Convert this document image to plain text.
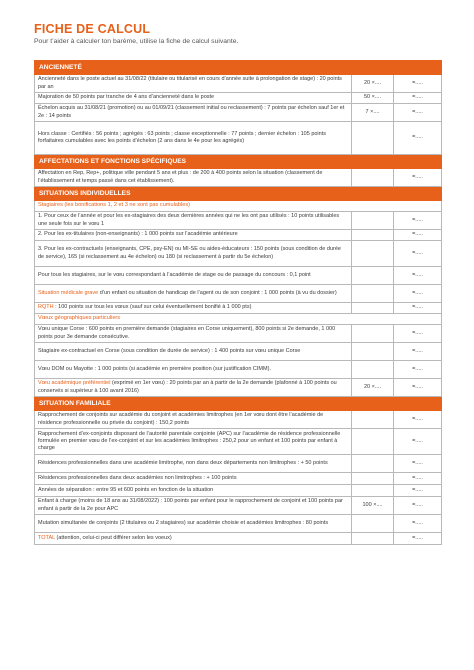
FICHE DE CALCUL
Pour t’aider à calculer ton barème, utilise la fiche de calcul suivante.
ANCIENNETÉ		
Ancienneté dans le poste actuel au 31/08/22 (titulaire ou titularisé en cours d’année suite à prolongation de stage) : 20 points par an	20 ×....	=.....
Majoration de 50 points par tranche de 4 ans d’ancienneté dans le poste	50 ×....	=.....
Échelon acquis au 31/08/21 (promotion) ou au 01/09/21 (classement initial ou reclassement) : 7 points par échelon sauf 1er et 2e : 14 points	7 ×....	=.....
Hors classe : Certifiés : 56 points ; agrégés : 63 points ; classe exceptionnelle : 77 points ; dernier échelon : 105 points forfaitaires cumulables avec les points d’échelon (2 ans dans le 4e pour les agrégés)		=.....
AFFECTATIONS ET FONCTIONS SPÉCIFIQUES		
Affectation en Rep, Rep+, politique ville pendant 5 ans et plus : de 200 à 400 points selon la situation (classement de l’établissement et temps passé dans cet établissement).		=.....
SITUATIONS INDIVIDUELLES		
Stagiaires (les bonifications 1, 2 et 3 ne sont pas cumulables)		
1. Pour ceux de l’année et pour les ex-stagiaires des deux dernières années qui ne les ont pas utilisés : 10 points utilisables une seule fois sur le vœu 1		=.....
2. Pour les ex-titulaires (non-enseignants) : 1 000 points sur l’académie antérieure		=.....
3. Pour les ex-contractuels (enseignants, CPE, psy-EN) ou MI-SE ou aides-éducateurs : 150 points (sous condition de durée de service), 165 (si reclassement au 4e échelon) ou 180 (si reclassement à partir du 5e échelon)		=.....
Pour tous les stagiaires, sur le vœu correspondant à l’académie de stage ou de passage du concours : 0,1 point		=.....
Situation médicale grave d’un enfant ou situation de handicap de l’agent ou de son conjoint : 1 000 points (à vu du dossier)		=.....
RQTH : 100 points sur tous les vœux (sauf sur celui éventuellement bonifié à 1 000 pts)		=.....
Vœux géographiques particuliers		
Vœu unique Corse : 600 points en première demande (stagiaires en Corse uniquement), 800 points si 2e demande, 1 000 points pour 3e demande consécutive.		=.....
Stagiaire ex-contractuel en Corse (sous condition de durée de service) : 1 400 points sur vœu unique Corse		=.....
Vœu DOM ou Mayotte : 1 000 points (si académie en première position (sur justification CIMM).		=.....
Vœu académique préférentiel (exprimé en 1er vœu) : 20 points par an à partir de la 2e demande (plafonné à 100 points ou conservés si supérieur à 100 avant 2016)	20 ×....	=.....
SITUATION FAMILIALE		
Rapprochement de conjoints sur académie du conjoint et académies limitrophes (en 1er vœu dont être l’académie de résidence professionnelle ou privée du conjoint) : 150,2 points		=.....
Rapprochement d’ex-conjoints disposant de l’autorité parentale conjointe (APC) sur l’académie de résidence professionnelle formulée en premier vœu de l’ex-conjoint et sur les académies limitrophes : 250,2 pour un enfant et 100 points par enfant à charge		=.....
Résidences professionnelles dans une académie limitrophe, non dans deux départements non limitrophes : + 50 points		=.....
Résidences professionnelles dans deux académies non limitrophes : + 100 points		=.....
Années de séparation : entre 95 et 600 points en fonction de la situation		=.....
Enfant à charge (moins de 18 ans au 31/08/2022) : 100 points par enfant pour le rapprochement de conjoint et 100 points par enfant à partir de la 2e pour APC	100 ×....	=.....
Mutation simultanée de conjoints (2 titulaires ou 2 stagiaires) sur académie choisie et académies limitrophes : 80 points		=.....
TOTAL (attention, celui-ci peut différer selon les voeux)		=.....
